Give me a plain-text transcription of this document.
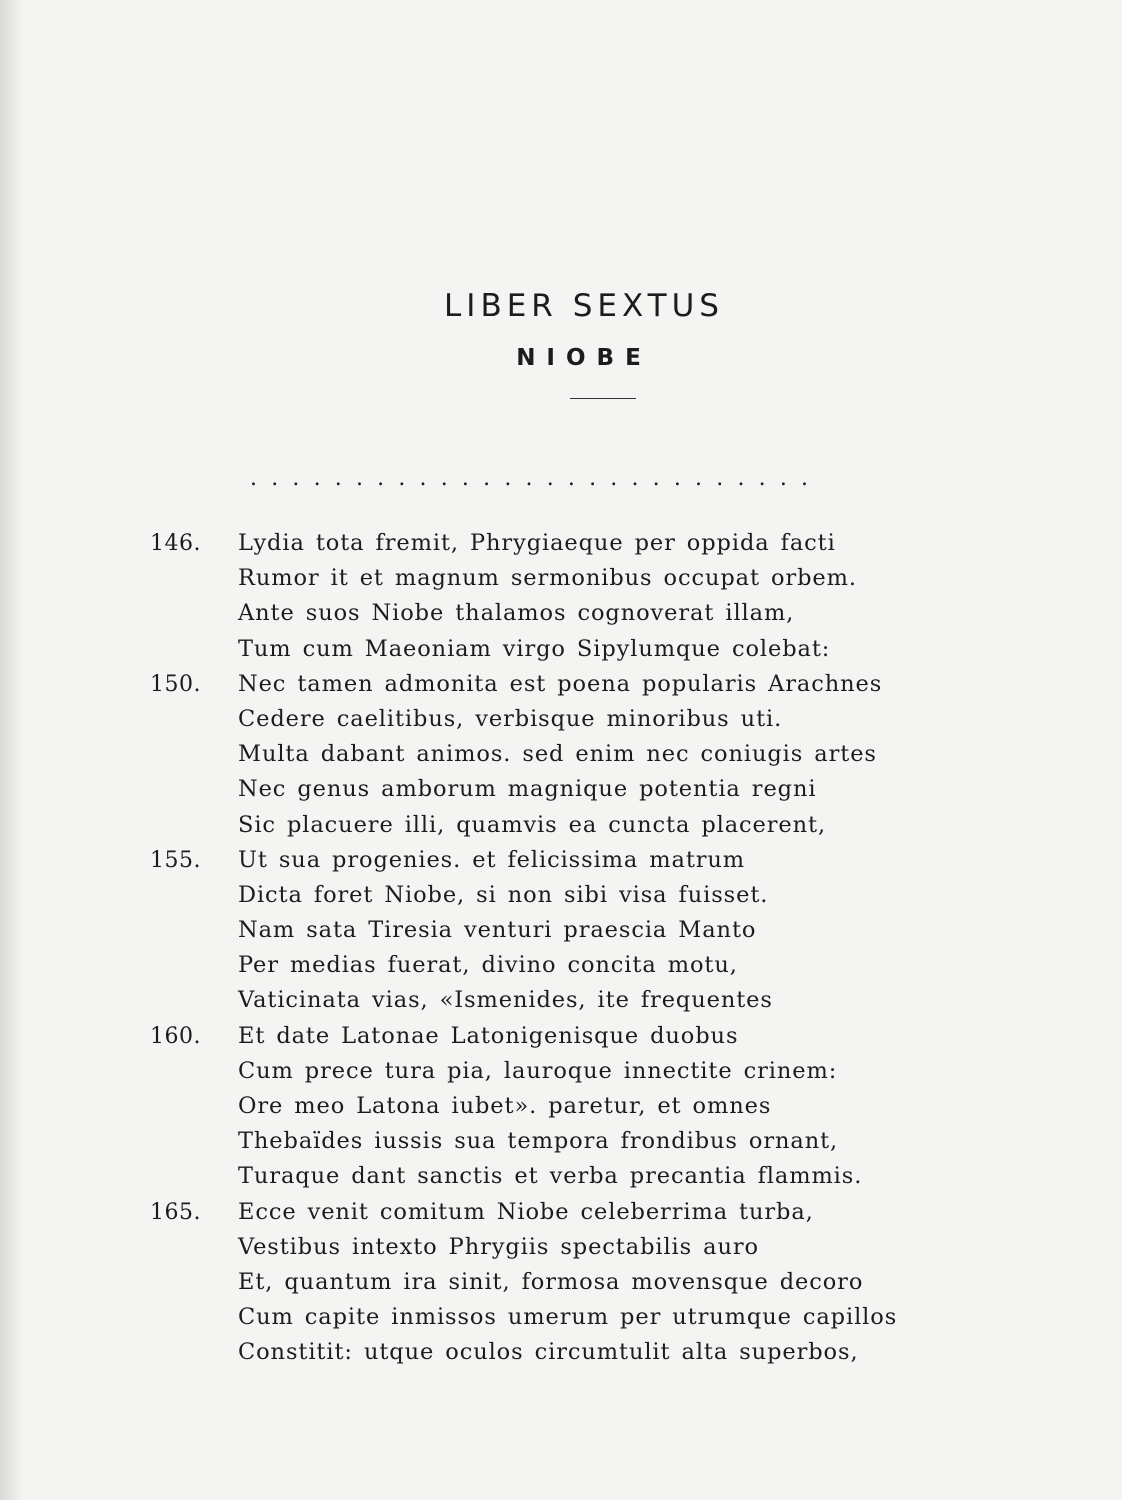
LIBER SEXTUS
NIOBE
...........................
146.	Lydia tota fremit, Phrygiaeque per oppida facti
Rumor it et magnum sermonibus occupat orbem.
Ante suos Niobe thalamos cognoverat illam,
Tum cum Maeoniam virgo Sipylumque colebat:
150.	Nec tamen admonita est poena popularis Arachnes
Cedere caelitibus, verbisque minoribus uti.
Multa dabant animos. sed enim nec coniugis artes
Nec genus amborum magnique potentia regni
Sic placuere illi, quamvis ea cuncta placerent,
155.	Ut sua progenies. et felicissima matrum
Dicta foret Niobe, si non sibi visa fuisset.
Nam sata Tiresia venturi praescia Manto
Per medias fuerat, divino concita motu,
Vaticinata vias, «Ismenides, ite frequentes
160.	Et date Latonae Latonigenisque duobus
Cum prece tura pia, lauroque innectite crinem:
Ore meo Latona iubet». paretur, et omnes
Thebaïdes iussis sua tempora frondibus ornant,
Turaque dant sanctis et verba precantia flammis.
165.	Ecce venit comitum Niobe celeberrima turba,
Vestibus intexto Phrygiis spectabilis auro
Et, quantum ira sinit, formosa movensque decoro
Cum capite inmissos umerum per utrumque capillos
Constitit: utque oculos circumtulit alta superbos,
